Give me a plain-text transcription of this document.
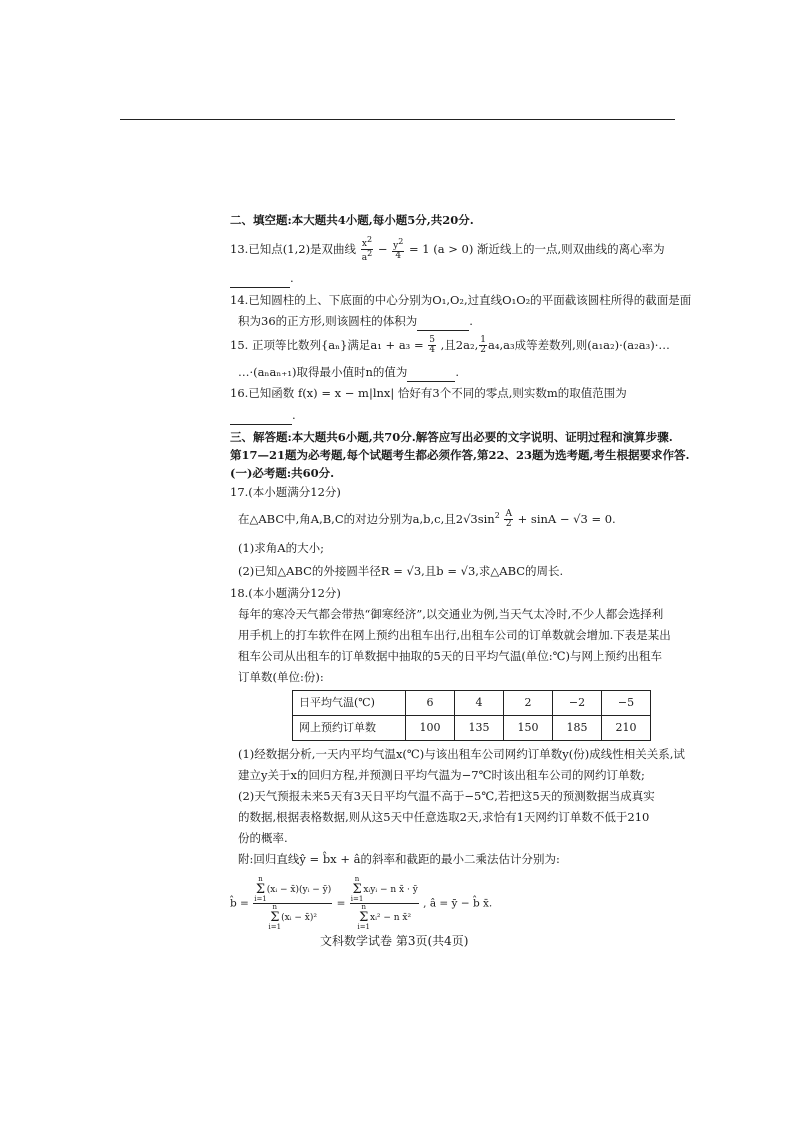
二、填空题:本大题共4小题,每小题5分,共20分.
13.已知点(1,2)是双曲线 $\frac{x2}{a2} - \frac{y2}{4} = 1$ (a > 0) 渐近线上的一点,则双曲线的离心率为
.
14.已知圆柱的上、下底面的中心分别为O₁,O₂,过直线O₁O₂的平面截该圆柱所得的截面是面
积为36的正方形,则该圆柱的体积为	.
15. 正项等比数列{aₙ}满足$a_1 + a_3 = \frac{5}{4}$ ,且2a₂, $\frac{1}{2} a_4,a_3$成等差数列,则(a₁a₂)·(a₂a₃)·…
…·(aₙaₙ₊₁)取得最小值时n的值为	.
16.已知函数 f(x) = x − m|lnx| 恰好有3个不同的零点,则实数m的取值范围为
.
三、解答题:本大题共6小题,共70分.解答应写出必要的文字说明、证明过程和演算步骤.
第17—21题为必考题,每个试题考生都必须作答,第22、23题为选考题,考生根据要求作答.
(一)必考题:共60分.
17.(本小题满分12分)
在△ABC中,角A,B,C的对边分别为a,b,c,且$2√3\sin^2 \frac{A}{2} + \sin A - √3 = 0$.
(1)求角A的大小;
(2)已知△ABC的外接圆半径R = √3,且b = √3,求△ABC的周长.
18.(本小题满分12分)
每年的寒冷天气都会带热“御寒经济”,以交通业为例,当天气太冷时,不少人都会选择利
用手机上的打车软件在网上预约出租车出行,出租车公司的订单数就会增加.下表是某出
租车公司从出租车的订单数据中抽取的5天的日平均气温(单位:℃)与网上预约出租车
订单数(单位:份):
日平均气温(℃)	6	4	2	−2	−5
网上预约订单数	100	135	150	185	210
(1)经数据分析,一天内平均气温x(℃)与该出租车公司网约订单数y(份)成线性相关关系,试
建立y关于x的回归方程,并预测日平均气温为−7℃时该出租车公司的网约订单数;
(2)天气预报未来5天有3天日平均气温不高于−5℃,若把这5天的预测数据当成真实
的数据,根据表格数据,则从这5天中任意选取2天,求恰有1天网约订单数不低于210
份的概率.
附:回归直线ŷ = b̂x + â的斜率和截距的最小二乘法估计分别为:
b̂ = n
Σ
i=1(xᵢ − x̄)(yᵢ − ȳ)
n
Σ
i=1(xᵢ − x̄)² = n
Σ
i=1xᵢyᵢ − n x̄ · ȳ
n
Σ
i=1xᵢ² − n x̄² , â = ȳ − b̂ x̄.
文科数学试卷 第3页(共4页)
